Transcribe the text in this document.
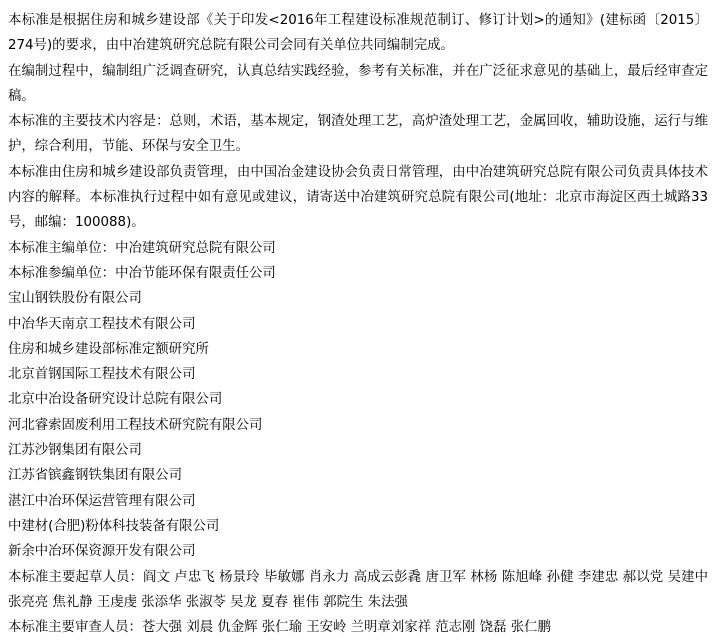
本标准是根据住房和城乡建设部《关于印发<2016年工程建设标准规范制订、修订计划>的通知》(建标函〔2015〕274号)的要求，由中冶建筑研究总院有限公司会同有关单位共同编制完成。

在编制过程中，编制组广泛调查研究，认真总结实践经验，参考有关标准，并在广泛征求意见的基础上，最后经审查定稿。

本标准的主要技术内容是：总则，术语，基本规定，钢渣处理工艺，高炉渣处理工艺，金属回收，辅助设施，运行与维护，综合利用，节能、环保与安全卫生。

本标准由住房和城乡建设部负责管理，由中国冶金建设协会负责日常管理，由中冶建筑研究总院有限公司负责具体技术内容的解释。本标准执行过程中如有意见或建议，请寄送中冶建筑研究总院有限公司(地址：北京市海淀区西土城路33号，邮编：100088)。

本标准主编单位：中冶建筑研究总院有限公司

本标准参编单位：中冶节能环保有限责任公司

宝山钢铁股份有限公司

中冶华天南京工程技术有限公司

住房和城乡建设部标准定额研究所

北京首钢国际工程技术有限公司

北京中冶设备研究设计总院有限公司

河北睿索固废利用工程技术研究院有限公司

江苏沙钢集团有限公司

江苏省镔鑫钢铁集团有限公司

湛江中冶环保运营管理有限公司

中建材(合肥)粉体科技装备有限公司

新余中冶环保资源开发有限公司

本标准主要起草人员：阎文 卢忠飞 杨景玲 毕敏娜 肖永力 高成云彭毳 唐卫军 林杨 陈旭峰 孙健 李建忠 郝以党 吴建中 张亮亮 焦礼静 王虔虔 张添华 张淑苓 吴龙 夏春 崔伟 郭院生 朱法强

本标准主要审查人员：苍大强 刘晨 仇金辉 张仁瑜 王安岭 兰明章刘家祥 范志刚 饶磊 张仁鹏
